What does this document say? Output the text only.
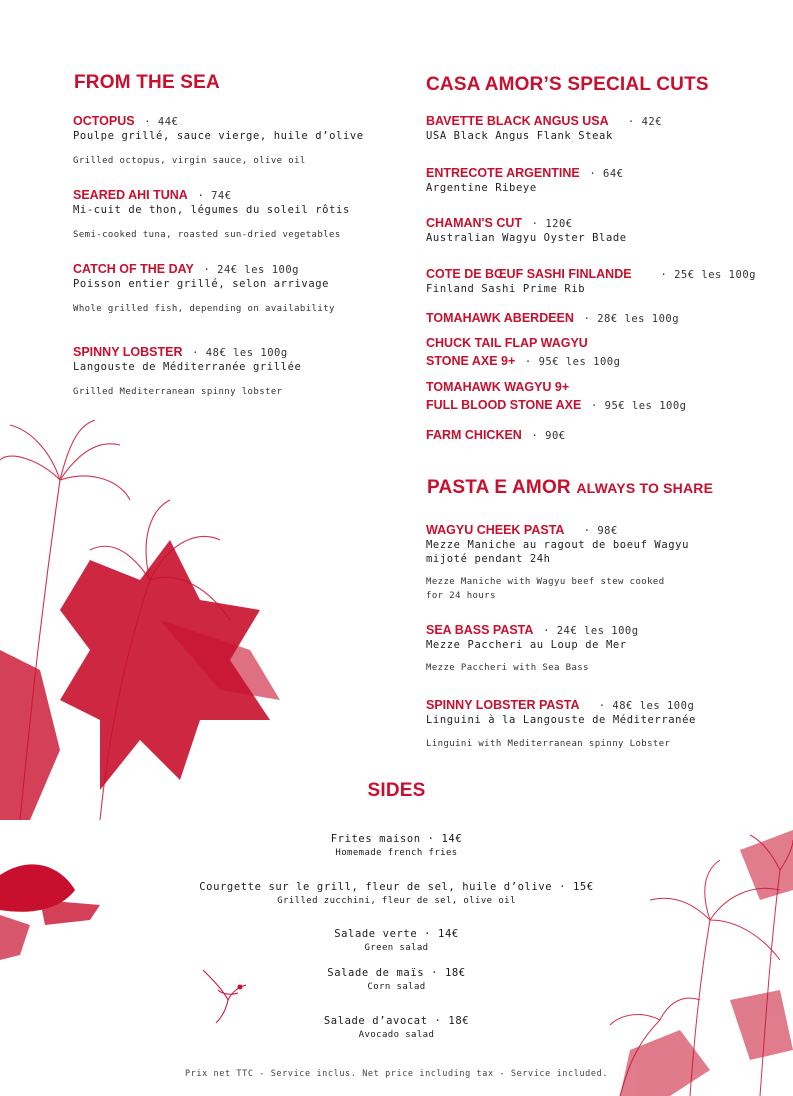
FROM THE SEA
OCTOPUS · 44€
Poulpe grillé, sauce vierge, huile d’olive
Grilled octopus, virgin sauce, olive oil
SEARED AHI TUNA · 74€
Mi-cuit de thon, légumes du soleil rôtis
Semi-cooked tuna, roasted sun-dried vegetables
CATCH OF THE DAY · 24€ les 100g
Poisson entier grillé, selon arrivage
Whole grilled fish, depending on availability
SPINNY LOBSTER · 48€ les 100g
Langouste de Méditerranée grillée
Grilled Mediterranean spinny lobster
CASA AMOR’S SPECIAL CUTS
BAVETTE BLACK ANGUS USA · 42€
USA Black Angus Flank Steak
ENTRECOTE ARGENTINE · 64€
Argentine Ribeye
CHAMAN'S CUT · 120€
Australian Wagyu Oyster Blade
COTE DE BŒUF SASHI FINLANDE	· 25€ les 100g
Finland Sashi Prime Rib
TOMAHAWK ABERDEEN · 28€ les 100g
CHUCK TAIL FLAP WAGYU
STONE AXE 9+ · 95€ les 100g
TOMAHAWK WAGYU 9+
FULL BLOOD STONE AXE · 95€ les 100g
FARM CHICKEN · 90€
PASTA E AMOR ALWAYS TO SHARE
WAGYU CHEEK PASTA · 98€
Mezze Maniche au ragout de boeuf Wagyu
mijoté pendant 24h
Mezze Maniche with Wagyu beef stew cooked
for 24 hours
SEA BASS PASTA · 24€ les 100g
Mezze Paccheri au Loup de Mer
Mezze Paccheri with Sea Bass
SPINNY LOBSTER PASTA · 48€ les 100g
Linguini à la Langouste de Méditerranée
Linguini with Mediterranean spinny Lobster
SIDES
Frites maison · 14€
Homemade french fries
Courgette sur le grill, fleur de sel, huile d’olive · 15€
Grilled zucchini, fleur de sel, olive oil
Salade verte · 14€
Green salad
Salade de maïs · 18€
Corn salad
Salade d’avocat · 18€
Avocado salad
Prix net TTC - Service inclus. Net price including tax - Service included.
